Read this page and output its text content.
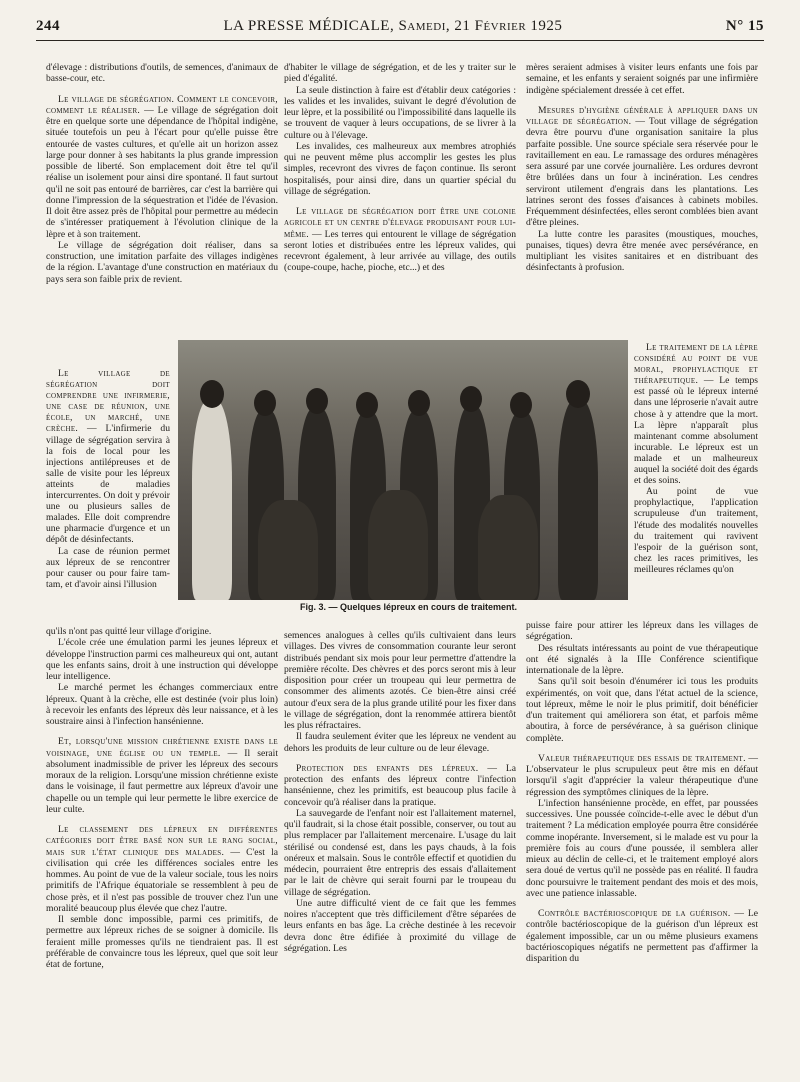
244	LA PRESSE MÉDICALE, Samedi, 21 Février 1925	N° 15

d'élevage : distributions d'outils, de semences, d'animaux de basse-cour, etc.

Le village de ségrégation. Comment le concevoir, comment le réaliser. — Le village de ségrégation doit être en quelque sorte une dépendance de l'hôpital indigène, située toutefois un peu à l'écart pour qu'elle puisse être entourée de vastes cultures, et qu'elle ait un horizon assez large pour donner à ses habitants la plus grande impression possible de liberté. Son emplacement doit être tel qu'il réalise un isolement pour ainsi dire spontané. Il faut surtout qu'il ne soit pas entouré de barrières, car c'est la barrière qui donne l'impression de la séquestration et l'idée de l'évasion. Il doit être assez près de l'hôpital pour permettre au médecin de s'intéresser pratiquement à l'évolution clinique de la lèpre et à son traitement.

Le village de ségrégation doit réaliser, dans sa construction, une imitation parfaite des villages indigènes de la région. L'avantage d'une construction en matériaux du pays sera son faible prix de revient.

Le village de ségrégation doit comprendre une infirmerie, une case de réunion, une école, un marché, une crèche. — L'infirmerie du village de ségrégation servira à la fois de local pour les injections antilépreuses et de salle de visite pour les lépreux atteints de maladies intercurrentes. On doit y prévoir une ou plusieurs salles de malades. Elle doit comprendre une pharmacie d'urgence et un dépôt de désinfectants.

La case de réunion permet aux lépreux de se rencontrer pour causer ou pour faire tam-tam, et d'avoir ainsi l'illusion

qu'ils n'ont pas quitté leur village d'origine.

L'école crée une émulation parmi les jeunes lépreux et développe l'instruction parmi ces malheureux qui ont, autant que les enfants sains, droit à une instruction qui développe leur intelligence.

Le marché permet les échanges commerciaux entre lépreux. Quant à la crèche, elle est destinée (voir plus loin) à recevoir les enfants des lépreux dès leur naissance, et à les soustraire ainsi à l'infection hansénienne.

Et, lorsqu'une mission chrétienne existe dans le voisinage, une église ou un temple. — Il serait absolument inadmissible de priver les lépreux des secours moraux de la religion. Lorsqu'une mission chrétienne existe dans le voisinage, il faut permettre aux lépreux d'avoir une chapelle ou un temple qui leur permette le libre exercice de leur culte.

Le classement des lépreux en différentes catégories doit être basé non sur le rang social, mais sur l'état clinique des malades. — C'est la civilisation qui crée les différences sociales entre les hommes. Au point de vue de la valeur sociale, tous les noirs primitifs de l'Afrique équatoriale se ressemblent à peu de chose près, et il n'est pas possible de trouver chez l'un une moralité beaucoup plus élevée que chez l'autre.

Il semble donc impossible, parmi ces primitifs, de permettre aux lépreux riches de se soigner à domicile. Ils feraient mille promesses qu'ils ne tiendraient pas. Il est préférable de convaincre tous les lépreux, quel que soit leur état de fortune,

d'habiter le village de ségrégation, et de les y traiter sur le pied d'égalité.

La seule distinction à faire est d'établir deux catégories : les valides et les invalides, suivant le degré d'évolution de leur lèpre, et la possibilité ou l'impossibilité dans laquelle ils se trouvent de vaquer à leurs occupations, de se livrer à la culture ou à l'élevage.

Les invalides, ces malheureux aux membres atrophiés qui ne peuvent même plus accomplir les gestes les plus simples, recevront des vivres de façon continue. Ils seront hospitalisés, pour ainsi dire, dans un quartier spécial du village de ségrégation.

Le village de ségrégation doit être une colonie agricole et un centre d'élevage produisant pour lui-même. — Les terres qui entourent le village de ségrégation seront loties et distribuées entre les lépreux valides, qui recevront également, à leur arrivée au village, des outils (coupe-coupe, hache, pioche, etc...) et des

Fig. 3. — Quelques lépreux en cours de traitement.

semences analogues à celles qu'ils cultivaient dans leurs villages. Des vivres de consommation courante leur seront distribués pendant six mois pour leur permettre d'attendre la première récolte. Des chèvres et des porcs seront mis à leur disposition pour créer un troupeau qui leur permettra de consommer des aliments azotés. Ce bien-être ainsi créé autour d'eux sera de la plus grande utilité pour les fixer dans le village de ségrégation, dont la renommée attirera bientôt les plus réfractaires.

Il faudra seulement éviter que les lépreux ne vendent au dehors les produits de leur culture ou de leur élevage.

Protection des enfants des lépreux. — La protection des enfants des lépreux contre l'infection hansénienne, chez les primitifs, est beaucoup plus facile à concevoir qu'à réaliser dans la pratique.

La sauvegarde de l'enfant noir est l'allaitement maternel, qu'il faudrait, si la chose était possible, conserver, ou tout au plus remplacer par l'allaitement mercenaire. L'usage du lait stérilisé ou condensé est, dans les pays chauds, à la fois onéreux et malsain. Sous le contrôle effectif et quotidien du médecin, pourraient être entrepris des essais d'allaitement par le lait de chèvre qui serait fourni par le troupeau du village de ségrégation.

Une autre difficulté vient de ce fait que les femmes noires n'acceptent que très difficilement d'être séparées de leurs enfants en bas âge. La crèche destinée à les recevoir devra donc être édifiée à proximité du village de ségrégation. Les

mères seraient admises à visiter leurs enfants une fois par semaine, et les enfants y seraient soignés par une infirmière indigène spécialement dressée à cet effet.

Mesures d'hygiène générale à appliquer dans un village de ségrégation. — Tout village de ségrégation devra être pourvu d'une organisation sanitaire la plus parfaite possible. Une source spéciale sera réservée pour le ravitaillement en eau. Le ramassage des ordures ménagères sera assuré par une corvée journalière. Les ordures devront être brûlées dans un four à incinération. Les cendres serviront utilement d'engrais dans les plantations. Les latrines seront des fosses d'aisances à cabinets mobiles. Fréquemment désinfectées, elles seront comblées bien avant d'être pleines.

La lutte contre les parasites (moustiques, mouches, punaises, tiques) devra être menée avec persévérance, en multipliant les visites sanitaires et en distribuant des désinfectants à profusion.

Le traitement de la lèpre considéré au point de vue moral, prophylactique et thérapeutique. — Le temps est passé où le lépreux interné dans une léproserie n'avait autre chose à y attendre que la mort. La lèpre n'apparaît plus maintenant comme absolument incurable. Le lépreux est un malade et un malheureux auquel la société doit des égards et des soins.

Au point de vue prophylactique, l'application scrupuleuse d'un traitement, l'étude des modalités nouvelles du traitement qui ravivent l'espoir de la guérison sont, chez les races primitives, les meilleures réclames qu'on

puisse faire pour attirer les lépreux dans les villages de ségrégation.

Des résultats intéressants au point de vue thérapeutique ont été signalés à la IIIe Conférence scientifique internationale de la lèpre.

Sans qu'il soit besoin d'énumérer ici tous les produits expérimentés, on voit que, dans l'état actuel de la science, tout lépreux, même le noir le plus primitif, doit bénéficier d'un traitement qui améliorera son état, et parfois même aboutira, à force de persévérance, à sa guérison clinique complète.

Valeur thérapeutique des essais de traitement. — L'observateur le plus scrupuleux peut être mis en défaut lorsqu'il s'agit d'apprécier la valeur thérapeutique d'une régression des symptômes cliniques de la lèpre.

L'infection hansénienne procède, en effet, par poussées successives. Une poussée coïncide-t-elle avec le début d'un traitement ? La médication employée pourra être considérée comme inopérante. Inversement, si le malade est vu pour la première fois au cours d'une poussée, il semblera aller mieux au déclin de celle-ci, et le traitement employé alors sera doué de vertus qu'il ne possède pas en réalité. Il faudra donc poursuivre le traitement pendant des mois et des mois, avec une patience inlassable.

Contrôle bactérioscopique de la guérison. — Le contrôle bactérioscopique de la guérison d'un lépreux est également impossible, car un ou même plusieurs examens bactérioscopiques négatifs ne permettent pas d'affirmer la disparition du
